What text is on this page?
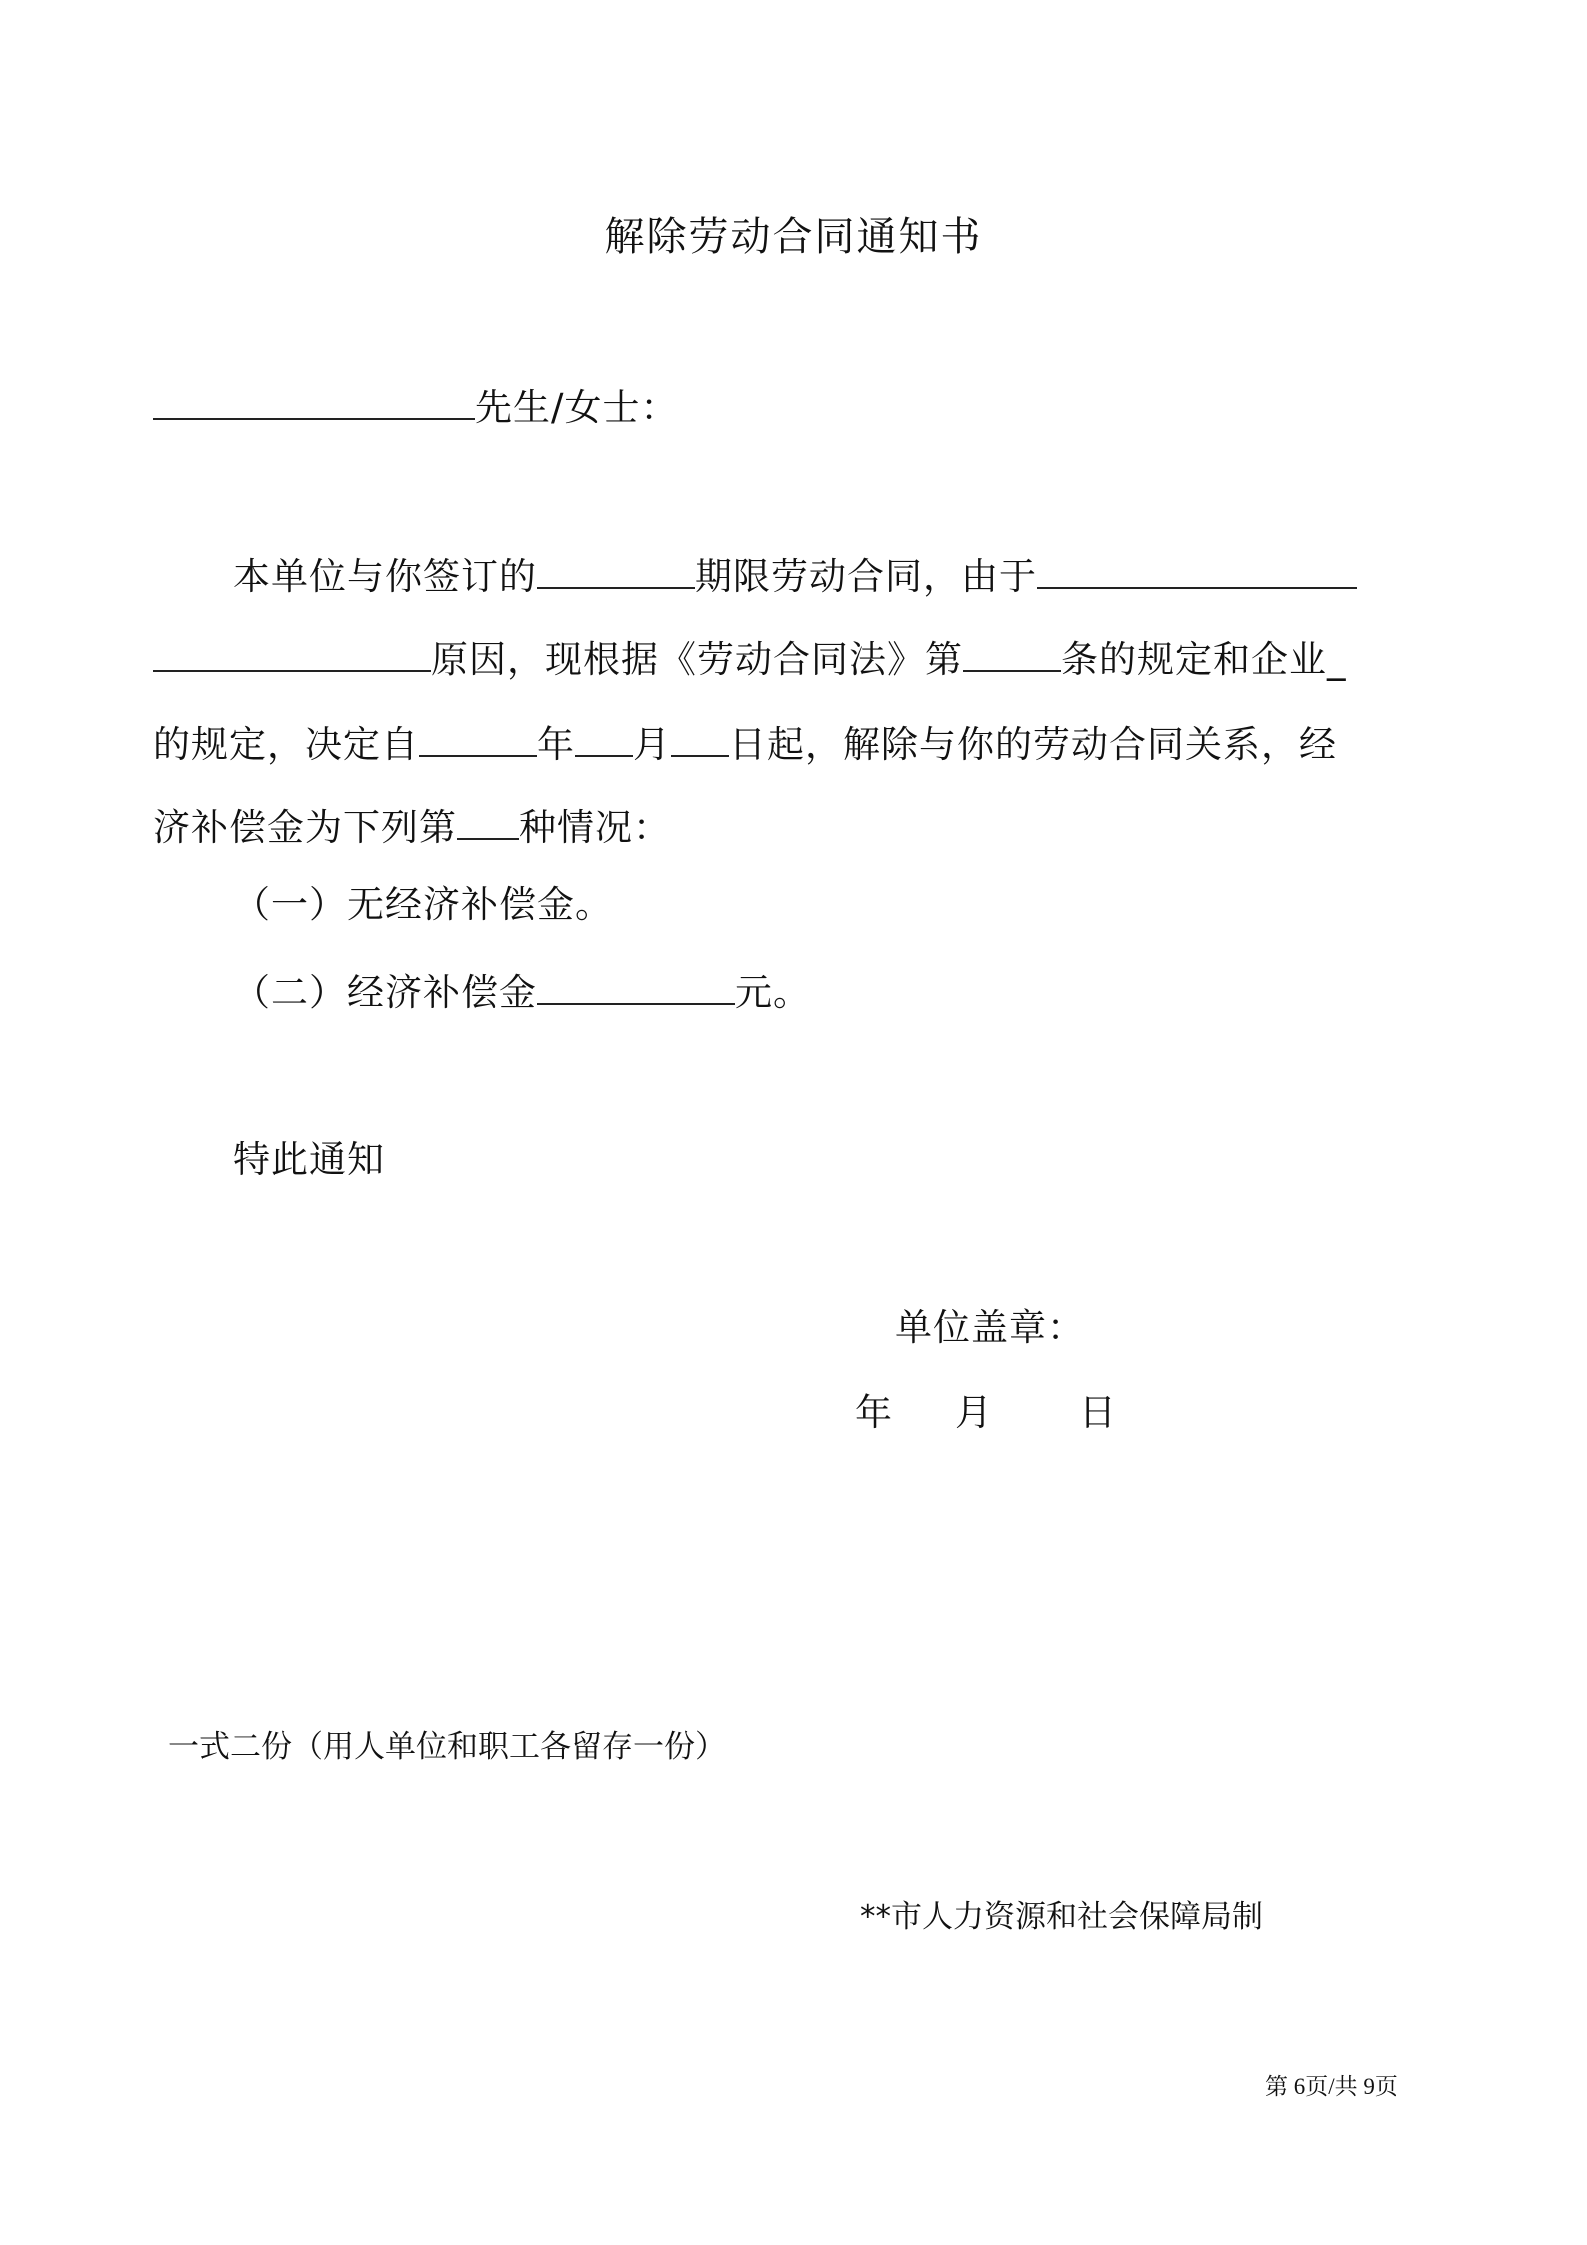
解除劳动合同通知书
先生/女士：
本单位与你签订的	期限劳动合同，由于
原因，现根据《劳动合同法》第	条的规定和企业_
的规定，决定自	年 月 日起，解除与你的劳动合同关系，经
济补偿金为下列第 种情况：
（一）无经济补偿金。
（二）经济补偿金	元。
特此通知
单位盖章：
年 月 日
一式二份（用人单位和职工各留存一份）
**市人力资源和社会保障局制
第 6页/共 9页
